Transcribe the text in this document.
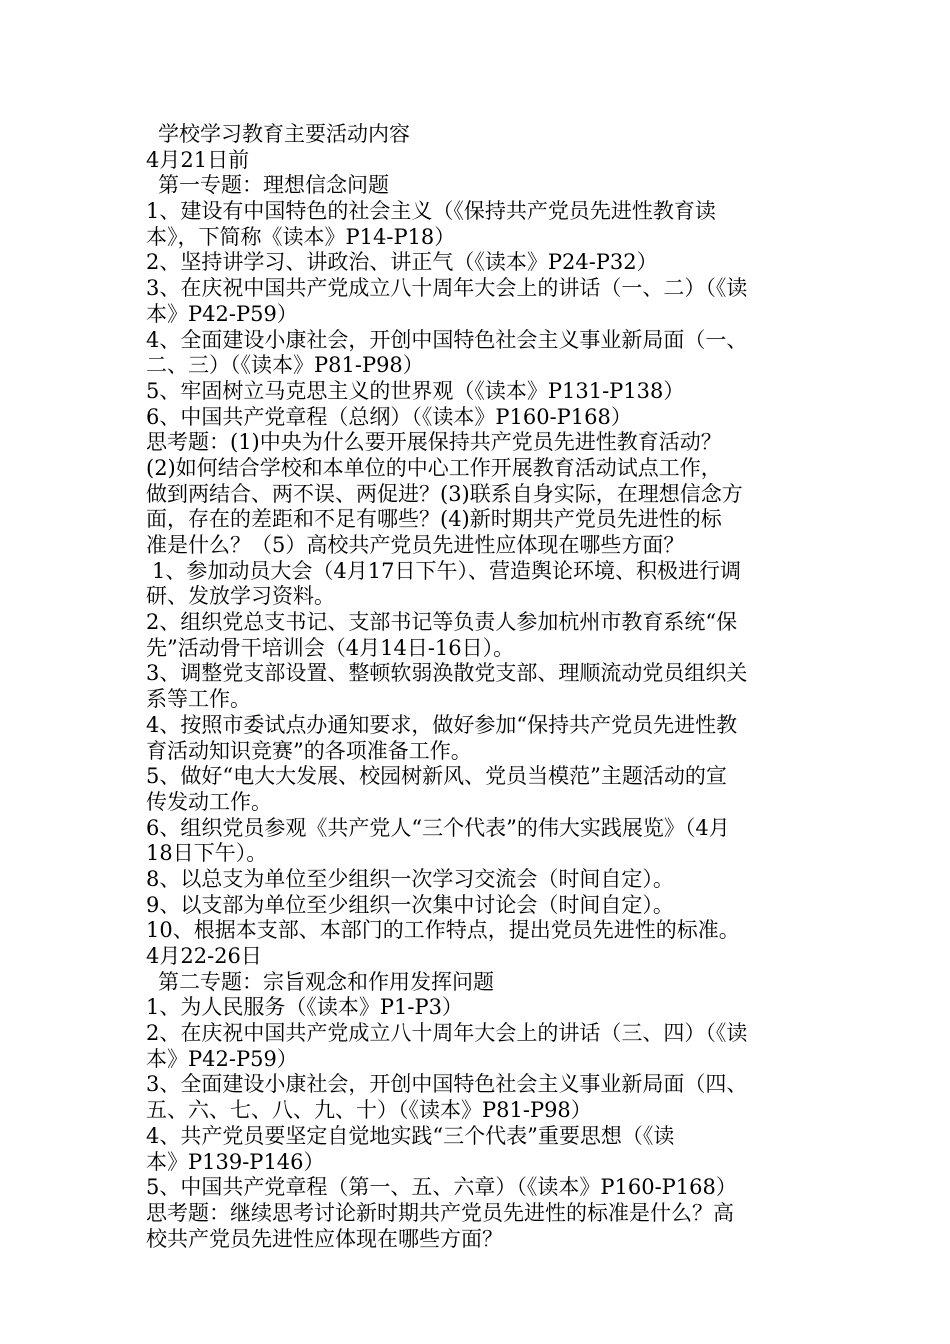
学校学习教育主要活动内容
4月21日前
第一专题：理想信念问题
1、建设有中国特色的社会主义（《保持共产党员先进性教育读
本》，下简称《读本》P14-P18）
2、坚持讲学习、讲政治、讲正气（《读本》P24-P32）
3、在庆祝中国共产党成立八十周年大会上的讲话（一、二）（《读
本》P42-P59）
4、全面建设小康社会，开创中国特色社会主义事业新局面（一、
二、三）（《读本》P81-P98）
5、牢固树立马克思主义的世界观（《读本》P131-P138）
6、中国共产党章程（总纲）（《读本》P160-P168）
思考题：(1)中央为什么要开展保持共产党员先进性教育活动？
(2)如何结合学校和本单位的中心工作开展教育活动试点工作，
做到两结合、两不误、两促进？(3)联系自身实际，在理想信念方
面，存在的差距和不足有哪些？(4)新时期共产党员先进性的标
准是什么？（5）高校共产党员先进性应体现在哪些方面？
1、参加动员大会（4月17日下午）、营造舆论环境、积极进行调
研、发放学习资料。
2、组织党总支书记、支部书记等负责人参加杭州市教育系统“保
先”活动骨干培训会（4月14日-16日）。
3、调整党支部设置、整顿软弱涣散党支部、理顺流动党员组织关
系等工作。
4、按照市委试点办通知要求，做好参加“保持共产党员先进性教
育活动知识竞赛”的各项准备工作。
5、做好“电大大发展、校园树新风、党员当模范”主题活动的宣
传发动工作。
6、组织党员参观《共产党人“三个代表”的伟大实践展览》（4月
18日下午）。
8、以总支为单位至少组织一次学习交流会（时间自定）。
9、以支部为单位至少组织一次集中讨论会（时间自定）。
10、根据本支部、本部门的工作特点，提出党员先进性的标准。
4月22-26日
第二专题：宗旨观念和作用发挥问题
1、为人民服务（《读本》P1-P3）
2、在庆祝中国共产党成立八十周年大会上的讲话（三、四）（《读
本》P42-P59）
3、全面建设小康社会，开创中国特色社会主义事业新局面（四、
五、六、七、八、九、十）（《读本》P81-P98）
4、共产党员要坚定自觉地实践“三个代表”重要思想（《读
本》P139-P146）
5、中国共产党章程（第一、五、六章）（《读本》P160-P168）
思考题：继续思考讨论新时期共产党员先进性的标准是什么？高
校共产党员先进性应体现在哪些方面？
